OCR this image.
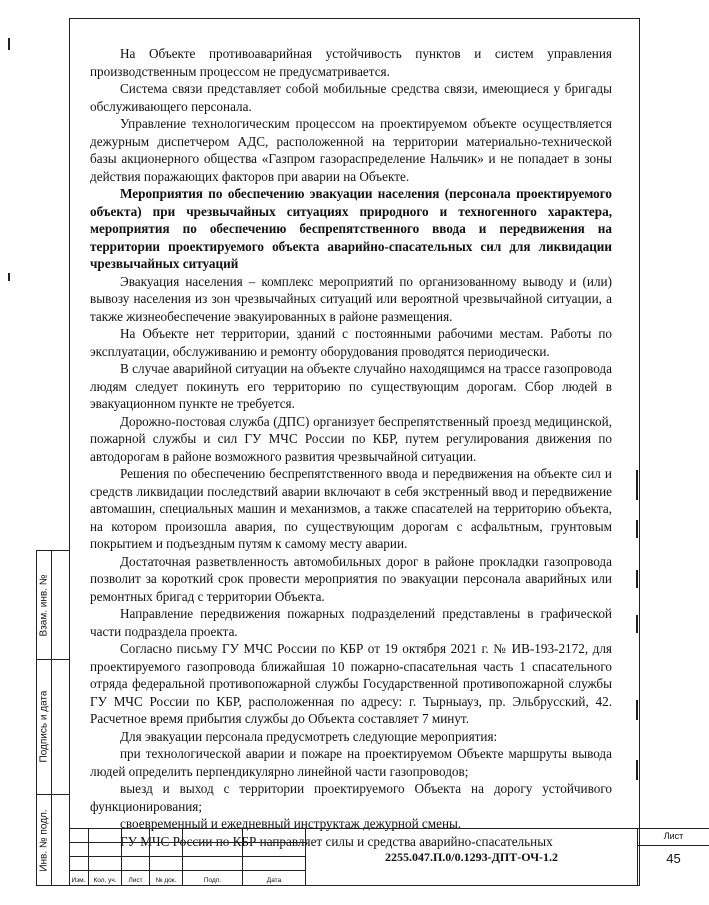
На Объекте противоаварийная устойчивость пунктов и систем управления производственным процессом не предусматривается.

Система связи представляет собой мобильные средства связи, имеющиеся у бригады обслуживающего персонала.

Управление технологическим процессом на проектируемом объекте осуществляется дежурным диспетчером АДС, расположенной на территории материально-технической базы акционерного общества «Газпром газораспределение Нальчик» и не попадает в зоны действия поражающих факторов при аварии на Объекте.

Мероприятия по обеспечению эвакуации населения (персонала проектируемого объекта) при чрезвычайных ситуациях природного и техногенного характера, мероприятия по обеспечению беспрепятственного ввода и передвижения на территории проектируемого объекта аварийно-спасательных сил для ликвидации чрезвычайных ситуаций

Эвакуация населения – комплекс мероприятий по организованному выводу и (или) вывозу населения из зон чрезвычайных ситуаций или вероятной чрезвычайной ситуации, а также жизнеобеспечение эвакуированных в районе размещения.

На Объекте нет территории, зданий с постоянными рабочими местам. Работы по эксплуатации, обслуживанию и ремонту оборудования проводятся периодически.

В случае аварийной ситуации на объекте случайно находящимся на трассе газопровода людям следует покинуть его территорию по существующим дорогам. Сбор людей в эвакуационном пункте не требуется.

Дорожно-постовая служба (ДПС) организует беспрепятственный проезд медицинской, пожарной службы и сил ГУ МЧС России по КБР, путем регулирования движения по автодорогам в районе возможного развития чрезвычайной ситуации.

Решения по обеспечению беспрепятственного ввода и передвижения на объекте сил и средств ликвидации последствий аварии включают в себя экстренный ввод и передвижение автомашин, специальных машин и механизмов, а также спасателей на территорию объекта, на котором произошла авария, по существующим дорогам с асфальтным, грунтовым покрытием и подъездным путям к самому месту аварии.

Достаточная разветвленность автомобильных дорог в районе прокладки газопровода позволит за короткий срок провести мероприятия по эвакуации персонала аварийных или ремонтных бригад с территории Объекта.

Направление передвижения пожарных подразделений представлены в графической части подраздела проекта.

Согласно письму ГУ МЧС России по КБР от 19 октября 2021 г. № ИВ-193-2172, для проектируемого газопровода ближайшая 10 пожарно-спасательная часть 1 спасательного отряда федеральной противопожарной службы Государственной противопожарной службы ГУ МЧС России по КБР, расположенная по адресу: г. Тырныауз, пр. Эльбрусский, 42. Расчетное время прибытия службы до Объекта составляет 7 минут.

Для эвакуации персонала предусмотреть следующие мероприятия:

при технологической аварии и пожаре на проектируемом Объекте маршруты вывода людей определить перпендикулярно линейной части газопроводов;

выезд и выход с территории проектируемого Объекта на дорогу устойчивого функционирования;

своевременный и ежедневный инструктаж дежурной смены.

ГУ МЧС России по КБР направляет силы и средства аварийно-спасательных

Взам. инв. №
Подпись и дата
Инв. № подл.
Изм.	Кол. уч.	Лист	№ док.	Подп.	Дата
2255.047.П.0/0.1293-ДПТ-ОЧ-1.2
Лист
45
